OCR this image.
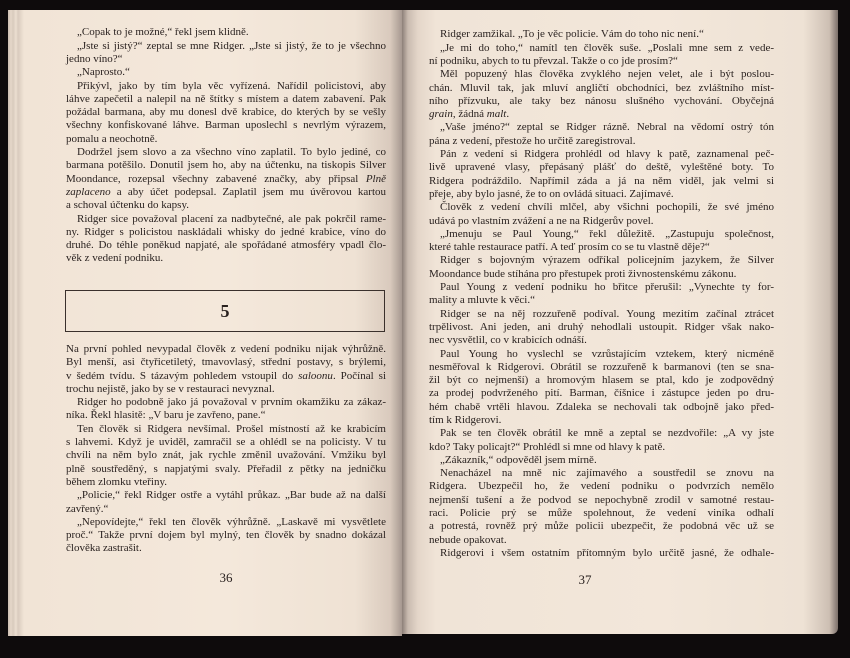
„Copak to je možné,“ řekl jsem klidně.
„Jste si jistý?“ zeptal se mne Ridger. „Jste si jistý, že to je všechno
jedno víno?“
„Naprosto.“
Přikývl, jako by tím byla věc vyřízená. Nařídil policistovi, aby
láhve zapečetil a nalepil na ně štítky s místem a datem zabavení. Pak
požádal barmana, aby mu donesl dvě krabice, do kterých by se vešly
všechny konfiskované láhve. Barman uposlechl s nevrlým výrazem,
pomalu a neochotně.
Dodržel jsem slovo a za všechno víno zaplatil. To bylo jediné, co
barmana potěšilo. Donutil jsem ho, aby na účtenku, na tiskopis Silver
Moondance, rozepsal všechny zabavené značky, aby připsal Plně
zaplaceno a aby účet podepsal. Zaplatil jsem mu úvěrovou kartou
a schoval účtenku do kapsy.
Ridger sice považoval placení za nadbytečné, ale pak pokrčil rame-
ny. Ridger s policistou naskládali whisky do jedné krabice, víno do
druhé. Do téhle poněkud napjaté, ale spořádané atmosféry vpadl člo-
věk z vedení podniku.
5
Na první pohled nevypadal člověk z vedení podniku nijak výhrůžně.
Byl menší, asi čtyřicetiletý, tmavovlasý, střední postavy, s brýlemi,
v šedém tvídu. S tázavým pohledem vstoupil do saloonu. Počínal si
trochu nejistě, jako by se v restauraci nevyznal.
Ridger ho podobně jako já považoval v prvním okamžiku za zákaz-
níka. Řekl hlasitě: „V baru je zavřeno, pane.“
Ten člověk si Ridgera nevšímal. Prošel místností až ke krabicím
s lahvemi. Když je uviděl, zamračil se a ohlédl se na policisty. V tu
chvíli na něm bylo znát, jak rychle změnil uvažování. Vmžiku byl
plně soustředěný, s napjatými svaly. Přeřadil z pětky na jedničku
během zlomku vteřiny.
„Policie,“ řekl Ridger ostře a vytáhl průkaz. „Bar bude až na další
zavřený.“
„Nepovídejte,“ řekl ten člověk výhrůžně. „Laskavě mi vysvětlete
proč.“ Takže první dojem byl mylný, ten člověk by snadno dokázal
člověka zastrašit.
36
Ridger zamžikal. „To je věc policie. Vám do toho nic není.“
„Je mi do toho,“ namítl ten člověk suše. „Poslali mne sem z vede-
ní podniku, abych to tu převzal. Takže o co jde prosím?“
Měl popuzený hlas člověka zvyklého nejen velet, ale i být poslou-
chán. Mluvil tak, jak mluví angličtí obchodníci, bez zvláštního míst-
ního přízvuku, ale taky bez nánosu slušného vychování. Obyčejná
grain, žádná malt.
„Vaše jméno?“ zeptal se Ridger rázně. Nebral na vědomí ostrý tón
pána z vedení, přestože ho určitě zaregistroval.
Pán z vedení si Ridgera prohlédl od hlavy k patě, zaznamenal peč-
livě upravené vlasy, přepásaný plášť do deště, vyleštěné boty. To
Ridgera podráždilo. Napřímil záda a já na něm viděl, jak velmi si
přeje, aby bylo jasné, že to on ovládá situaci. Zajímavé.
Člověk z vedení chvíli mlčel, aby všichni pochopili, že své jméno
udává po vlastním zvážení a ne na Ridgerův povel.
„Jmenuju se Paul Young,“ řekl důležitě. „Zastupuju společnost,
které tahle restaurace patří. A teď prosím co se tu vlastně děje?“
Ridger s bojovným výrazem odříkal policejním jazykem, že Silver
Moondance bude stíhána pro přestupek proti živnostenskému zákonu.
Paul Young z vedení podniku ho břitce přerušil: „Vynechte ty for-
mality a mluvte k věci.“
Ridger se na něj rozzuřeně podíval. Young mezitím začínal ztrácet
trpělivost. Ani jeden, ani druhý nehodlali ustoupit. Ridger však nako-
nec vysvětlil, co v krabicích odnáší.
Paul Young ho vyslechl se vzrůstajícím vztekem, který nicméně
nesměřoval k Ridgerovi. Obrátil se rozzuřeně k barmanovi (ten se sna-
žil být co nejmenší) a hromovým hlasem se ptal, kdo je zodpovědný
za prodej podvrženého pití. Barman, číšnice i zástupce jeden po dru-
hém chabě vrtěli hlavou. Zdaleka se nechovali tak odbojně jako před-
tím k Ridgerovi.
Pak se ten člověk obrátil ke mně a zeptal se nezdvořile: „A vy jste
kdo? Taky policajt?“ Prohlédl si mne od hlavy k patě.
„Zákazník,“ odpověděl jsem mírně.
Nenacházel na mně nic zajímavého a soustředil se znovu na
Ridgera. Ubezpečil ho, že vedení podniku o podvrzích nemělo
nejmenší tušení a že podvod se nepochybně zrodil v samotné restau-
raci. Policie prý se může spolehnout, že vedení viníka odhalí
a potrestá, rovněž prý může policii ubezpečit, že podobná věc už se
nebude opakovat.
Ridgerovi i všem ostatním přítomným bylo určitě jasné, že odhale-
37
